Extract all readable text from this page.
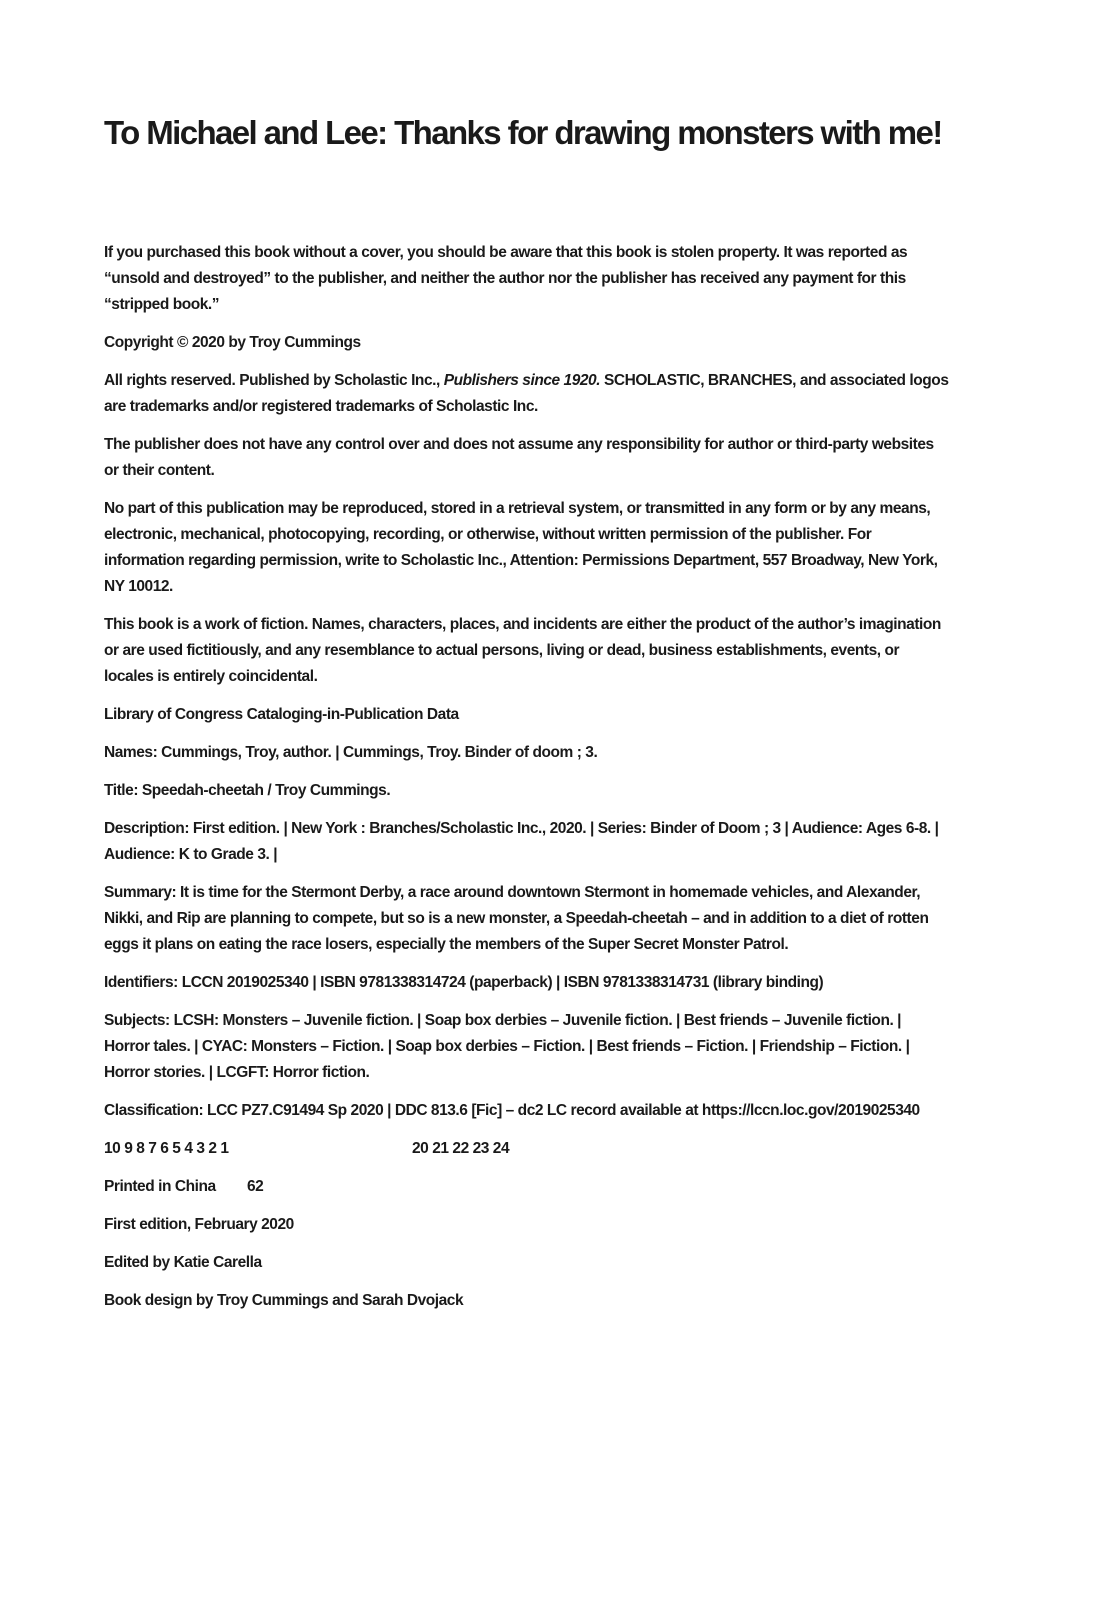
To Michael and Lee: Thanks for drawing monsters with me!

If you purchased this book without a cover, you should be aware that this book is stolen property. It was reported as “unsold and destroyed” to the publisher, and neither the author nor the publisher has received any payment for this “stripped book.”

Copyright © 2020 by Troy Cummings

All rights reserved. Published by Scholastic Inc., Publishers since 1920. SCHOLASTIC, BRANCHES, and associated logos are trademarks and/or registered trademarks of Scholastic Inc.

The publisher does not have any control over and does not assume any responsibility for author or third-party websites or their content.

No part of this publication may be reproduced, stored in a retrieval system, or transmitted in any form or by any means, electronic, mechanical, photocopying, recording, or otherwise, without written permission of the publisher. For information regarding permission, write to Scholastic Inc., Attention: Permissions Department, 557 Broadway, New York, NY 10012.

This book is a work of fiction. Names, characters, places, and incidents are either the product of the author’s imagination or are used fictitiously, and any resemblance to actual persons, living or dead, business establishments, events, or locales is entirely coincidental.

Library of Congress Cataloging-in-Publication Data

Names: Cummings, Troy, author. | Cummings, Troy. Binder of doom ; 3.

Title: Speedah-cheetah / Troy Cummings.

Description: First edition. | New York : Branches/Scholastic Inc., 2020. | Series: Binder of Doom ; 3 | Audience: Ages 6-8. | Audience: K to Grade 3. |

Summary: It is time for the Stermont Derby, a race around downtown Stermont in homemade vehicles, and Alexander, Nikki, and Rip are planning to compete, but so is a new monster, a Speedah-cheetah – and in addition to a diet of rotten eggs it plans on eating the race losers, especially the members of the Super Secret Monster Patrol.

Identifiers: LCCN 2019025340 | ISBN 9781338314724 (paperback) | ISBN 9781338314731 (library binding)

Subjects: LCSH: Monsters – Juvenile fiction. | Soap box derbies – Juvenile fiction. | Best friends – Juvenile fiction. | Horror tales. | CYAC: Monsters – Fiction. | Soap box derbies – Fiction. | Best friends – Fiction. | Friendship – Fiction. | Horror stories. | LCGFT: Horror fiction.

Classification: LCC PZ7.C91494 Sp 2020 | DDC 813.6 [Fic] – dc2 LC record available at https://lccn.loc.gov/2019025340

10 9 8 7 6 5 4 3 2 1	20 21 22 23 24

Printed in China	62

First edition, February 2020

Edited by Katie Carella

Book design by Troy Cummings and Sarah Dvojack
